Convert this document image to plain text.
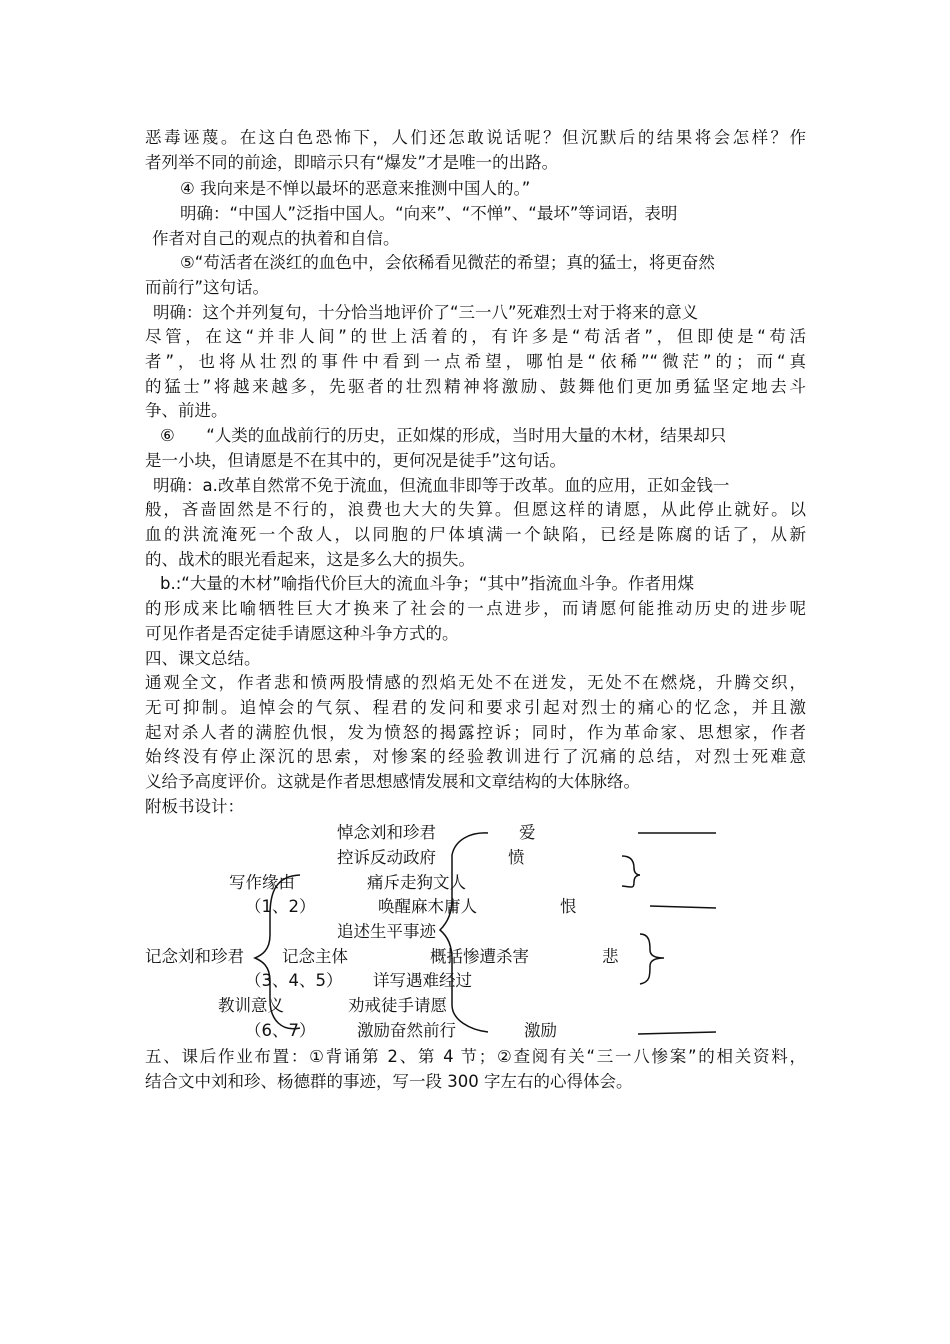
恶毒诬蔑。在这白色恐怖下，人们还怎敢说话呢？但沉默后的结果将会怎样？作
者列举不同的前途，即暗示只有“爆发”才是唯一的出路。
④ 我向来是不惮以最坏的恶意来推测中国人的。”
明确：“中国人”泛指中国人。“向来”、“不惮”、“最坏”等词语，表明
作者对自己的观点的执着和自信。
⑤“苟活者在淡红的血色中，会依稀看见微茫的希望；真的猛士，将更奋然
而前行”这句话。
明确：这个并列复句，十分恰当地评价了“三一八”死难烈士对于将来的意义
尽管，在这“并非人间”的世上活着的，有许多是“苟活者”，但即使是“苟活
者”，也将从壮烈的事件中看到一点希望，哪怕是“依稀”“微茫”的；而“真
的猛士”将越来越多，先驱者的壮烈精神将激励、鼓舞他们更加勇猛坚定地去斗
争、前进。
⑥      “人类的血战前行的历史，正如煤的形成，当时用大量的木材，结果却只
是一小块，但请愿是不在其中的，更何况是徒手”这句话。
明确：a.改革自然常不免于流血，但流血非即等于改革。血的应用，正如金钱一
般，吝啬固然是不行的，浪费也大大的失算。但愿这样的请愿，从此停止就好。以
血的洪流淹死一个敌人，以同胞的尸体填满一个缺陷，已经是陈腐的话了，从新
的、战术的眼光看起来，这是多么大的损失。
b.:“大量的木材”喻指代价巨大的流血斗争；“其中”指流血斗争。作者用煤
的形成来比喻牺牲巨大才换来了社会的一点进步，而请愿何能推动历史的进步呢
可见作者是否定徒手请愿这种斗争方式的。
四、课文总结。
通观全文，作者悲和愤两股情感的烈焰无处不在迸发，无处不在燃烧，升腾交织，
无可抑制。追悼会的气氛、程君的发问和要求引起对烈士的痛心的忆念，并且激
起对杀人者的满腔仇恨，发为愤怒的揭露控诉；同时，作为革命家、思想家，作者
始终没有停止深沉的思索，对惨案的经验教训进行了沉痛的总结，对烈士死难意
义给予高度评价。这就是作者思想感情发展和文章结构的大体脉络。
附板书设计：
悼念刘和珍君	爱
控诉反动政府	愤
写作缘由	痛斥走狗文人
（1、2）	唤醒麻木庸人	恨
追述生平事迹
记念刘和珍君 记念主体	概括惨遭杀害	悲
（3、4、5） 详写遇难经过
教训意义	劝戒徒手请愿
（6、7）	激励奋然前行	激励
五、课后作业布置：①背诵第 2、第 4 节；②查阅有关“三一八惨案”的相关资料，
结合文中刘和珍、杨德群的事迹，写一段 300 字左右的心得体会。
